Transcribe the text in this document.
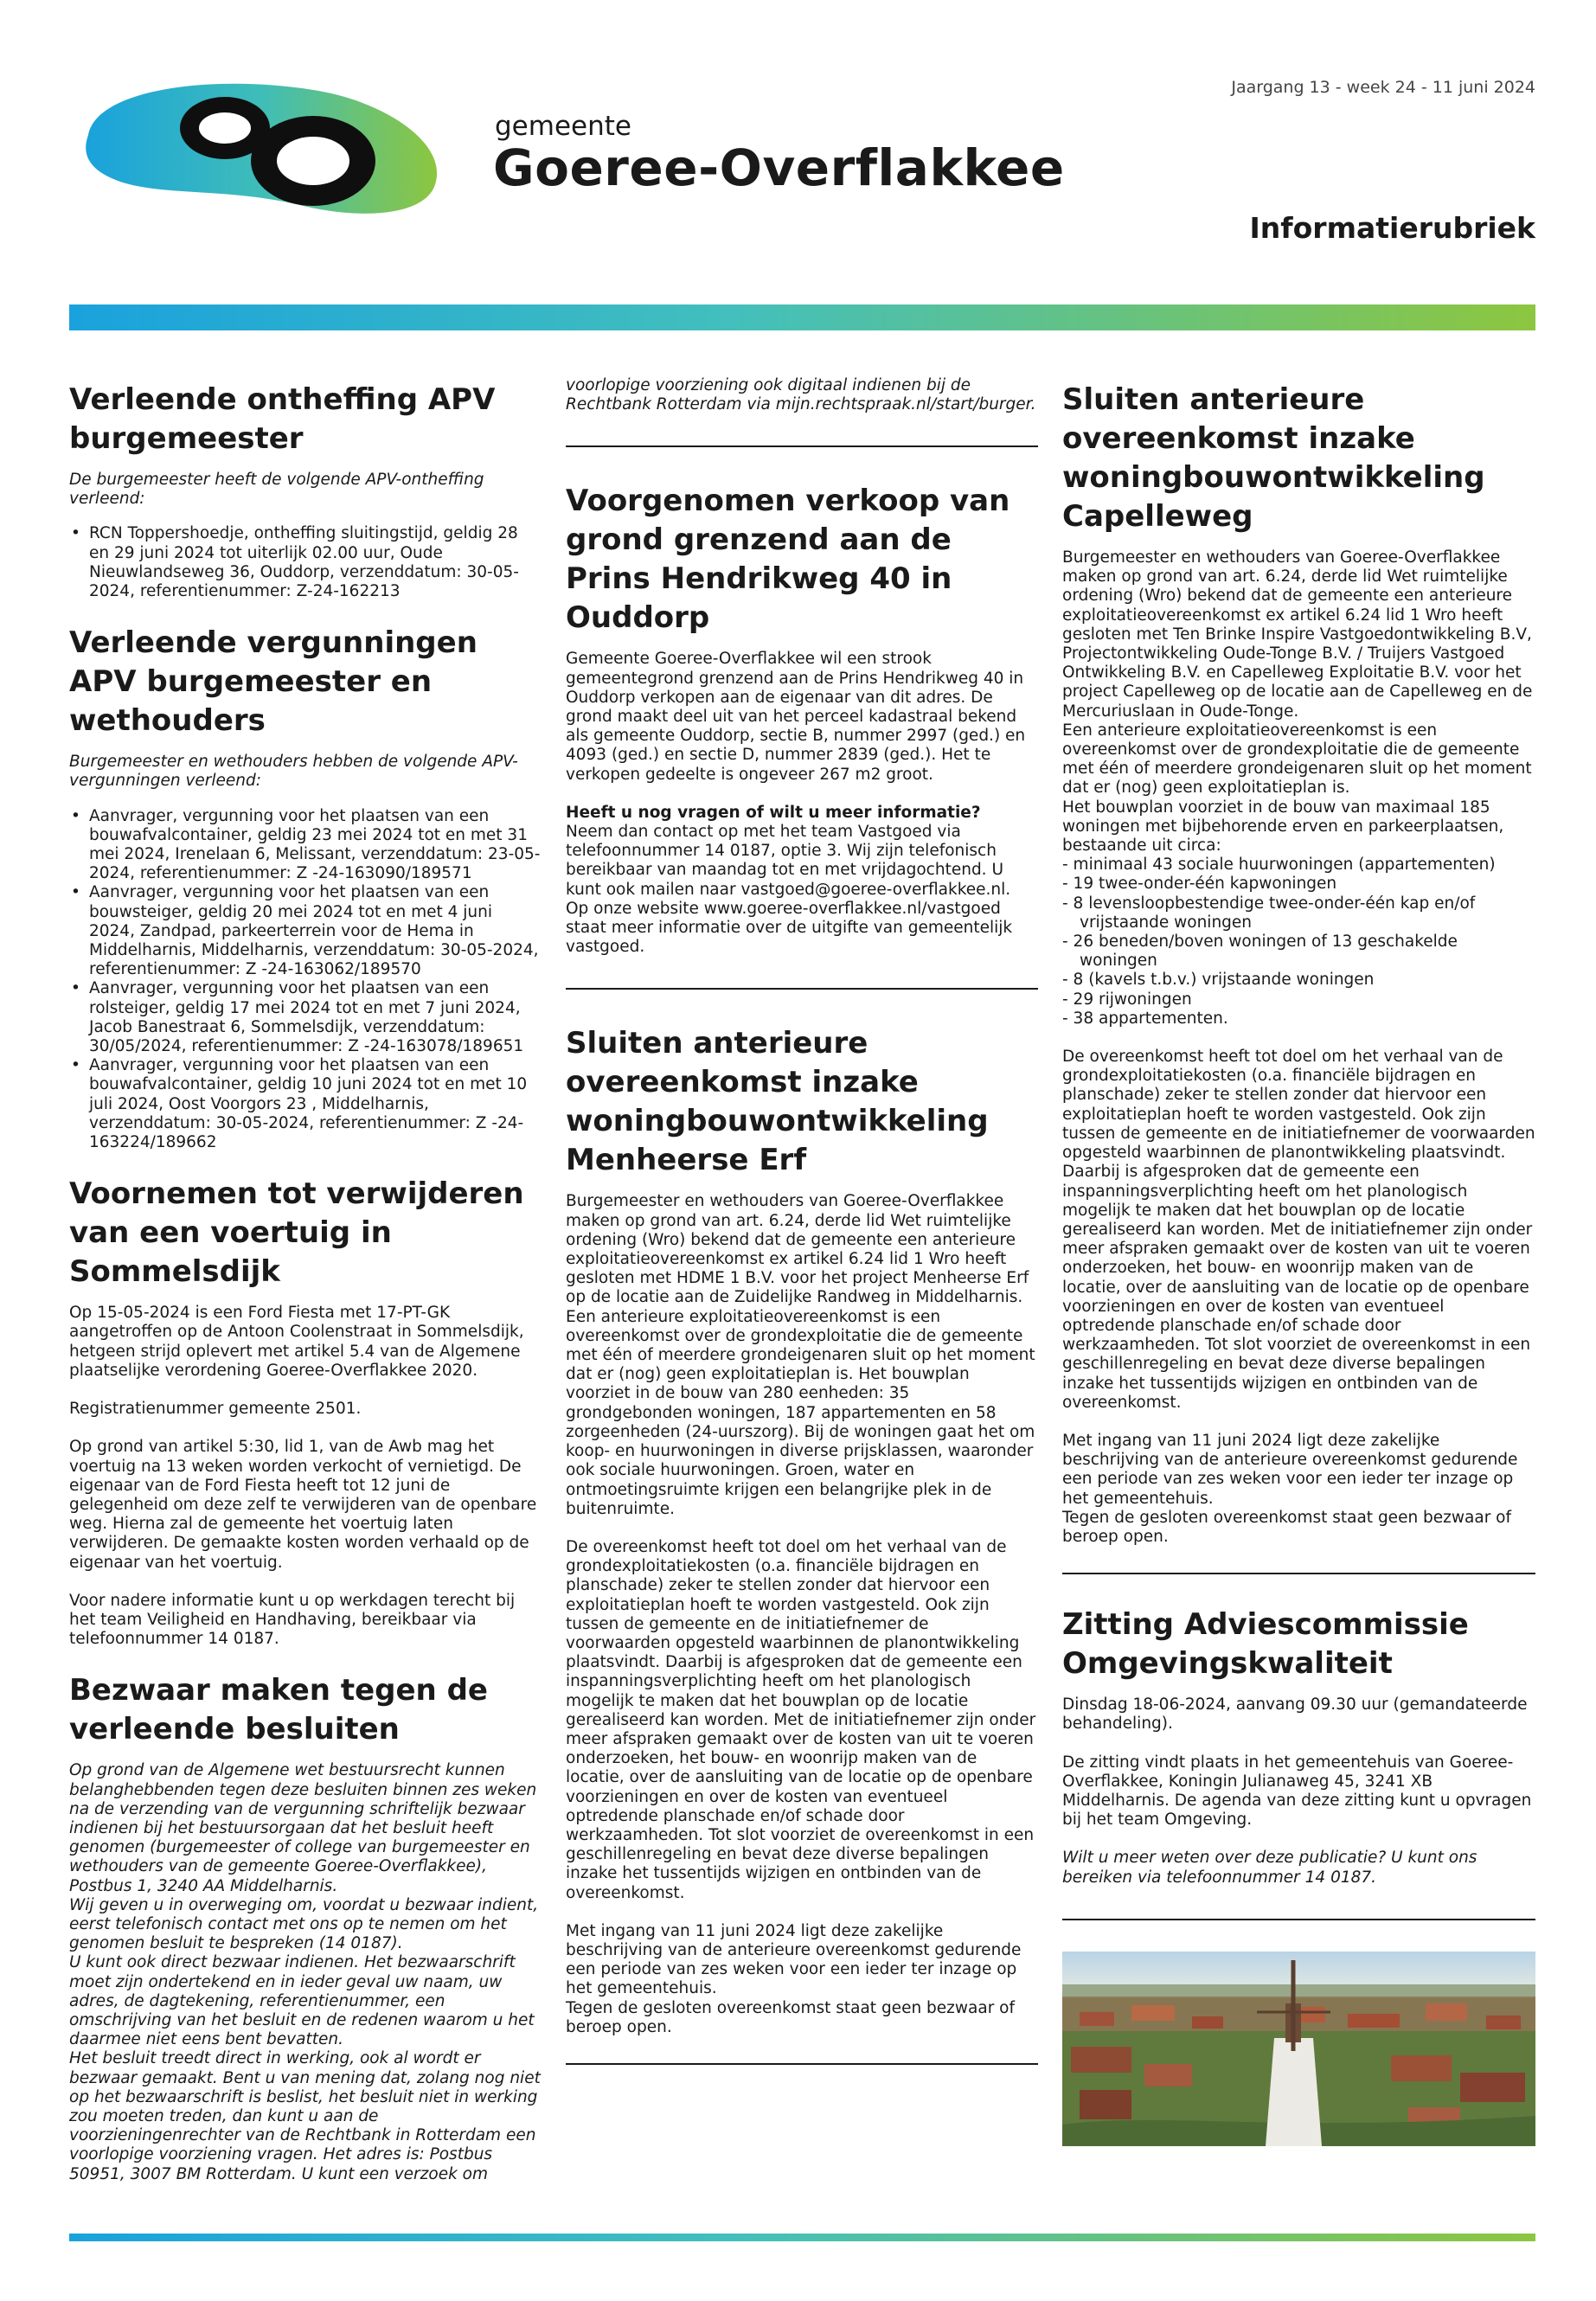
gemeente
Goeree-Overflakkee
Jaargang 13 - week 24 - 11 juni 2024
Informatierubriek
Verleende ontheffing APV burgemeester

De burgemeester heeft de volgende APV-ontheffing verleend:

• RCN Toppershoedje, ontheffing sluitingstijd, geldig 28 en 29 juni 2024 tot uiterlijk 02.00 uur, Oude Nieuwlandseweg 36, Ouddorp, verzenddatum: 30-05-2024, referentienummer: Z-24-162213
Verleende vergunningen APV burgemeester en wethouders

Burgemeester en wethouders hebben de volgende APV-vergunningen verleend:

• Aanvrager, vergunning voor het plaatsen van een bouwafvalcontainer, geldig 23 mei 2024 tot en met 31 mei 2024, Irenelaan 6, Melissant, verzenddatum: 23-05-2024, referentienummer: Z -24-163090/189571
• Aanvrager, vergunning voor het plaatsen van een bouwsteiger, geldig 20 mei 2024 tot en met 4 juni 2024, Zandpad, parkeerterrein voor de Hema in Middelharnis, Middelharnis, verzenddatum: 30-05-2024, referentienummer: Z -24-163062/189570
• Aanvrager, vergunning voor het plaatsen van een rolsteiger, geldig 17 mei 2024 tot en met 7 juni 2024, Jacob Banestraat 6, Sommelsdijk, verzenddatum: 30/05/2024, referentienummer: Z -24-163078/189651
• Aanvrager, vergunning voor het plaatsen van een bouwafvalcontainer, geldig 10 juni 2024 tot en met 10 juli 2024, Oost Voorgors 23 , Middelharnis, verzenddatum: 30-05-2024, referentienummer: Z -24-163224/189662
Voornemen tot verwijderen van een voertuig in Sommelsdijk

Op 15-05-2024 is een Ford Fiesta met 17-PT-GK aangetroffen op de Antoon Coolenstraat in Sommelsdijk, hetgeen strijd oplevert met artikel 5.4 van de Algemene plaatselijke verordening Goeree-Overflakkee 2020.

Registratienummer gemeente 2501.

Op grond van artikel 5:30, lid 1, van de Awb mag het voertuig na 13 weken worden verkocht of vernietigd. De eigenaar van de Ford Fiesta heeft tot 12 juni de gelegenheid om deze zelf te verwijderen van de openbare weg. Hierna zal de gemeente het voertuig laten verwijderen. De gemaakte kosten worden verhaald op de eigenaar van het voertuig.

Voor nadere informatie kunt u op werkdagen terecht bij het team Veiligheid en Handhaving, bereikbaar via telefoonnummer 14 0187.

Bezwaar maken tegen de verleende besluiten

Op grond van de Algemene wet bestuursrecht kunnen belanghebbenden tegen deze besluiten binnen zes weken na de verzending van de vergunning schriftelijk bezwaar indienen bij het bestuursorgaan dat het besluit heeft genomen (burgemeester of college van burgemeester en wethouders van de gemeente Goeree-Overflakkee), Postbus 1, 3240 AA Middelharnis.

Wij geven u in overweging om, voordat u bezwaar indient, eerst telefonisch contact met ons op te nemen om het genomen besluit te bespreken (14 0187).

U kunt ook direct bezwaar indienen. Het bezwaarschrift moet zijn ondertekend en in ieder geval uw naam, uw adres, de dagtekening, referentienummer, een omschrijving van het besluit en de redenen waarom u het daarmee niet eens bent bevatten.

Het besluit treedt direct in werking, ook al wordt er bezwaar gemaakt. Bent u van mening dat, zolang nog niet op het bezwaarschrift is beslist, het besluit niet in werking zou moeten treden, dan kunt u aan de voorzieningenrechter van de Rechtbank in Rotterdam een voorlopige voorziening vragen. Het adres is: Postbus 50951, 3007 BM Rotterdam. U kunt een verzoek om

voorlopige voorziening ook digitaal indienen bij de Rechtbank Rotterdam via mijn.rechtspraak.nl/start/burger.

Voorgenomen verkoop van grond grenzend aan de Prins Hendrikweg 40 in Ouddorp

Gemeente Goeree-Overflakkee wil een strook gemeentegrond grenzend aan de Prins Hendrikweg 40 in Ouddorp verkopen aan de eigenaar van dit adres. De grond maakt deel uit van het perceel kadastraal bekend als gemeente Ouddorp, sectie B, nummer 2997 (ged.) en 4093 (ged.) en sectie D, nummer 2839 (ged.). Het te verkopen gedeelte is ongeveer 267 m2 groot.

Heeft u nog vragen of wilt u meer informatie?

Neem dan contact op met het team Vastgoed via telefoonnummer 14 0187, optie 3. Wij zijn telefonisch bereikbaar van maandag tot en met vrijdagochtend. U kunt ook mailen naar vastgoed@goeree-overflakkee.nl. Op onze website www.goeree-overflakkee.nl/vastgoed staat meer informatie over de uitgifte van gemeentelijk vastgoed.

Sluiten anterieure overeenkomst inzake woningbouwontwikkeling Menheerse Erf

Burgemeester en wethouders van Goeree-Overflakkee maken op grond van art. 6.24, derde lid Wet ruimtelijke ordening (Wro) bekend dat de gemeente een anterieure exploitatieovereenkomst ex artikel 6.24 lid 1 Wro heeft gesloten met HDME 1 B.V. voor het project Menheerse Erf op de locatie aan de Zuidelijke Randweg in Middelharnis.

Een anterieure exploitatieovereenkomst is een overeenkomst over de grondexploitatie die de gemeente met één of meerdere grondeigenaren sluit op het moment dat er (nog) geen exploitatieplan is. Het bouwplan voorziet in de bouw van 280 eenheden: 35 grondgebonden woningen, 187 appartementen en 58 zorgeenheden (24-uurszorg). Bij de woningen gaat het om koop- en huurwoningen in diverse prijsklassen, waaronder ook sociale huurwoningen. Groen, water en ontmoetingsruimte krijgen een belangrijke plek in de buitenruimte.

De overeenkomst heeft tot doel om het verhaal van de grondexploitatiekosten (o.a. financiële bijdragen en planschade) zeker te stellen zonder dat hiervoor een exploitatieplan hoeft te worden vastgesteld. Ook zijn tussen de gemeente en de initiatiefnemer de voorwaarden opgesteld waarbinnen de planontwikkeling plaatsvindt. Daarbij is afgesproken dat de gemeente een inspanningsverplichting heeft om het planologisch mogelijk te maken dat het bouwplan op de locatie gerealiseerd kan worden. Met de initiatiefnemer zijn onder meer afspraken gemaakt over de kosten van uit te voeren onderzoeken, het bouw- en woonrijp maken van de locatie, over de aansluiting van de locatie op de openbare voorzieningen en over de kosten van eventueel optredende planschade en/of schade door werkzaamheden. Tot slot voorziet de overeenkomst in een geschillenregeling en bevat deze diverse bepalingen inzake het tussentijds wijzigen en ontbinden van de overeenkomst.

Met ingang van 11 juni 2024 ligt deze zakelijke beschrijving van de anterieure overeenkomst gedurende een periode van zes weken voor een ieder ter inzage op het gemeentehuis.

Tegen de gesloten overeenkomst staat geen bezwaar of beroep open.

Sluiten anterieure overeenkomst inzake woningbouwontwikkeling Capelleweg

Burgemeester en wethouders van Goeree-Overflakkee maken op grond van art. 6.24, derde lid Wet ruimtelijke ordening (Wro) bekend dat de gemeente een anterieure exploitatieovereenkomst ex artikel 6.24 lid 1 Wro heeft gesloten met Ten Brinke Inspire Vastgoedontwikkeling B.V, Projectontwikkeling Oude-Tonge B.V. / Truijers Vastgoed Ontwikkeling B.V. en Capelleweg Exploitatie B.V. voor het project Capelleweg op de locatie aan de Capelleweg en de Mercuriuslaan in Oude-Tonge.

Een anterieure exploitatieovereenkomst is een overeenkomst over de grondexploitatie die de gemeente met één of meerdere grondeigenaren sluit op het moment dat er (nog) geen exploitatieplan is.

Het bouwplan voorziet in de bouw van maximaal 185 woningen met bijbehorende erven en parkeerplaatsen, bestaande uit circa:

- minimaal 43 sociale huurwoningen (appartementen)
- 19 twee-onder-één kapwoningen
- 8 levensloopbestendige twee-onder-één kap en/of vrijstaande woningen
- 26 beneden/boven woningen of 13 geschakelde woningen
- 8 (kavels t.b.v.) vrijstaande woningen
- 29 rijwoningen
- 38 appartementen.

De overeenkomst heeft tot doel om het verhaal van de grondexploitatiekosten (o.a. financiële bijdragen en planschade) zeker te stellen zonder dat hiervoor een exploitatieplan hoeft te worden vastgesteld. Ook zijn tussen de gemeente en de initiatiefnemer de voorwaarden opgesteld waarbinnen de planontwikkeling plaatsvindt. Daarbij is afgesproken dat de gemeente een inspanningsverplichting heeft om het planologisch mogelijk te maken dat het bouwplan op de locatie gerealiseerd kan worden. Met de initiatiefnemer zijn onder meer afspraken gemaakt over de kosten van uit te voeren onderzoeken, het bouw- en woonrijp maken van de locatie, over de aansluiting van de locatie op de openbare voorzieningen en over de kosten van eventueel optredende planschade en/of schade door werkzaamheden. Tot slot voorziet de overeenkomst in een geschillenregeling en bevat deze diverse bepalingen inzake het tussentijds wijzigen en ontbinden van de overeenkomst.

Met ingang van 11 juni 2024 ligt deze zakelijke beschrijving van de anterieure overeenkomst gedurende een periode van zes weken voor een ieder ter inzage op het gemeentehuis.

Tegen de gesloten overeenkomst staat geen bezwaar of beroep open.

Zitting Adviescommissie Omgevingskwaliteit

Dinsdag 18-06-2024, aanvang 09.30 uur (gemandateerde behandeling).

De zitting vindt plaats in het gemeentehuis van Goeree-Overflakkee, Koningin Julianaweg 45, 3241 XB Middelharnis. De agenda van deze zitting kunt u opvragen bij het team Omgeving.

Wilt u meer weten over deze publicatie? U kunt ons bereiken via telefoonnummer 14 0187.
